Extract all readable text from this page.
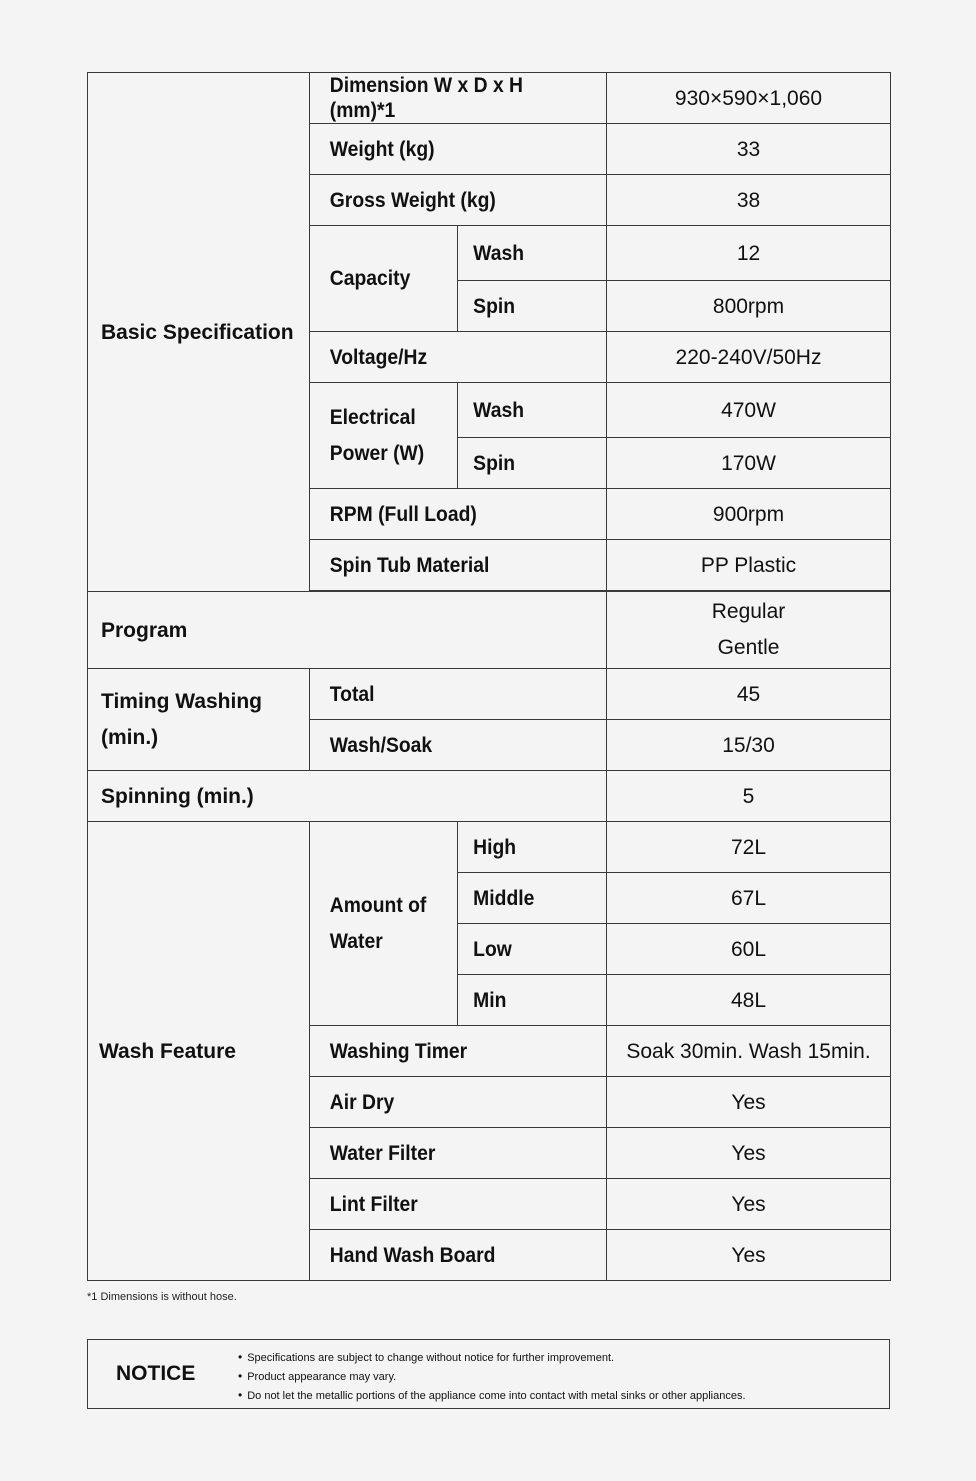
Basic Specification	Dimension W x D x H (mm)*1		930×590×1,060
	Weight (kg)		33
	Gross Weight (kg)		38
	Capacity	Wash	12
		Spin	800rpm
	Voltage/Hz		220-240V/50Hz
	Electrical
Power (W)	Wash	470W
		Spin	170W
	RPM (Full Load)		900rpm
	Spin Tub Material		PP Plastic

Program			Regular
Gentle
Timing Washing
(min.)	Total		45
	Wash/Soak		15/30
Spinning (min.)			5
Wash Feature	Amount of
Water	High	72L
		Middle	67L
		Low	60L
		Min	48L
	Washing Timer		Soak 30min. Wash 15min.
	Air Dry		Yes
	Water Filter		Yes
	Lint Filter		Yes
	Hand Wash Board		Yes
*1 Dimensions is without hose.
NOTICE
• Specifications are subject to change without notice for further improvement.
• Product appearance may vary.
• Do not let the metallic portions of the appliance come into contact with metal sinks or other appliances.
